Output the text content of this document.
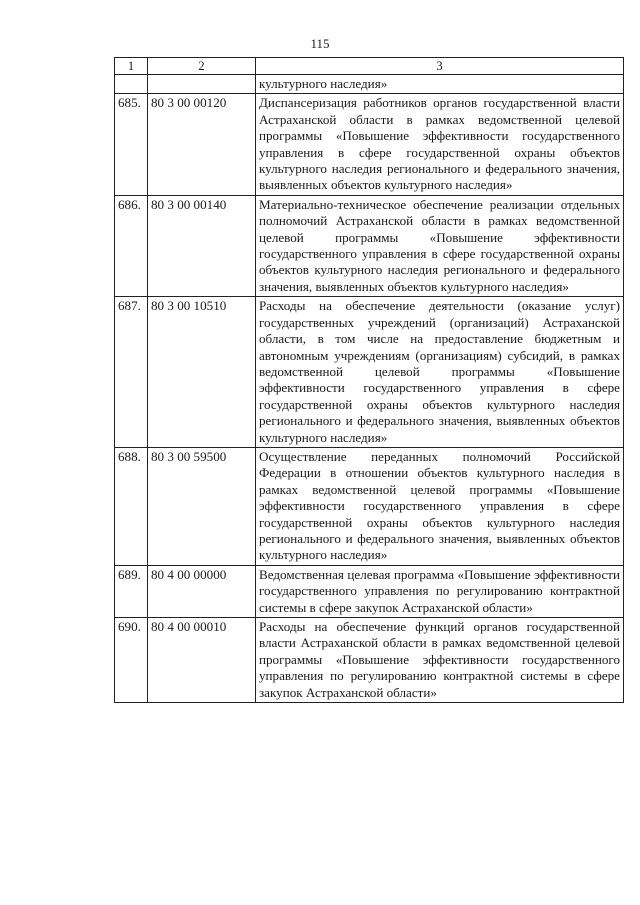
115
1	2	3
		культурного наследия»
685.	80 3 00 00120	Диспансеризация работников органов государственной власти Астраханской области в рамках ведомственной целевой программы «Повышение эффективности государственного управления в сфере государственной охраны объектов культурного наследия регионального и федерального значения, выявленных объектов культурного наследия»
686.	80 3 00 00140	Материально-техническое обеспечение реализации отдельных полномочий Астраханской области в рамках ведомственной целевой программы «Повышение эффективности государственного управления в сфере государственной охраны объектов культурного наследия регионального и федерального значения, выявленных объектов культурного наследия»
687.	80 3 00 10510	Расходы на обеспечение деятельности (оказание услуг) государственных учреждений (организаций) Астраханской области, в том числе на предоставление бюджетным и автономным учреждениям (организациям) субсидий, в рамках ведомственной целевой программы «Повышение эффективности государственного управления в сфере государственной охраны объектов культурного наследия регионального и федерального значения, выявленных объектов культурного наследия»
688.	80 3 00 59500	Осуществление переданных полномочий Российской Федерации в отношении объектов культурного наследия в рамках ведомственной целевой программы «Повышение эффективности государственного управления в сфере государственной охраны объектов культурного наследия регионального и федерального значения, выявленных объектов культурного наследия»
689.	80 4 00 00000	Ведомственная целевая программа «Повышение эффективности государственного управления по регулированию контрактной системы в сфере закупок Астраханской области»
690.	80 4 00 00010	Расходы на обеспечение функций органов государственной власти Астраханской области в рамках ведомственной целевой программы «Повышение эффективности государственного управления по регулированию контрактной системы в сфере закупок Астраханской области»
